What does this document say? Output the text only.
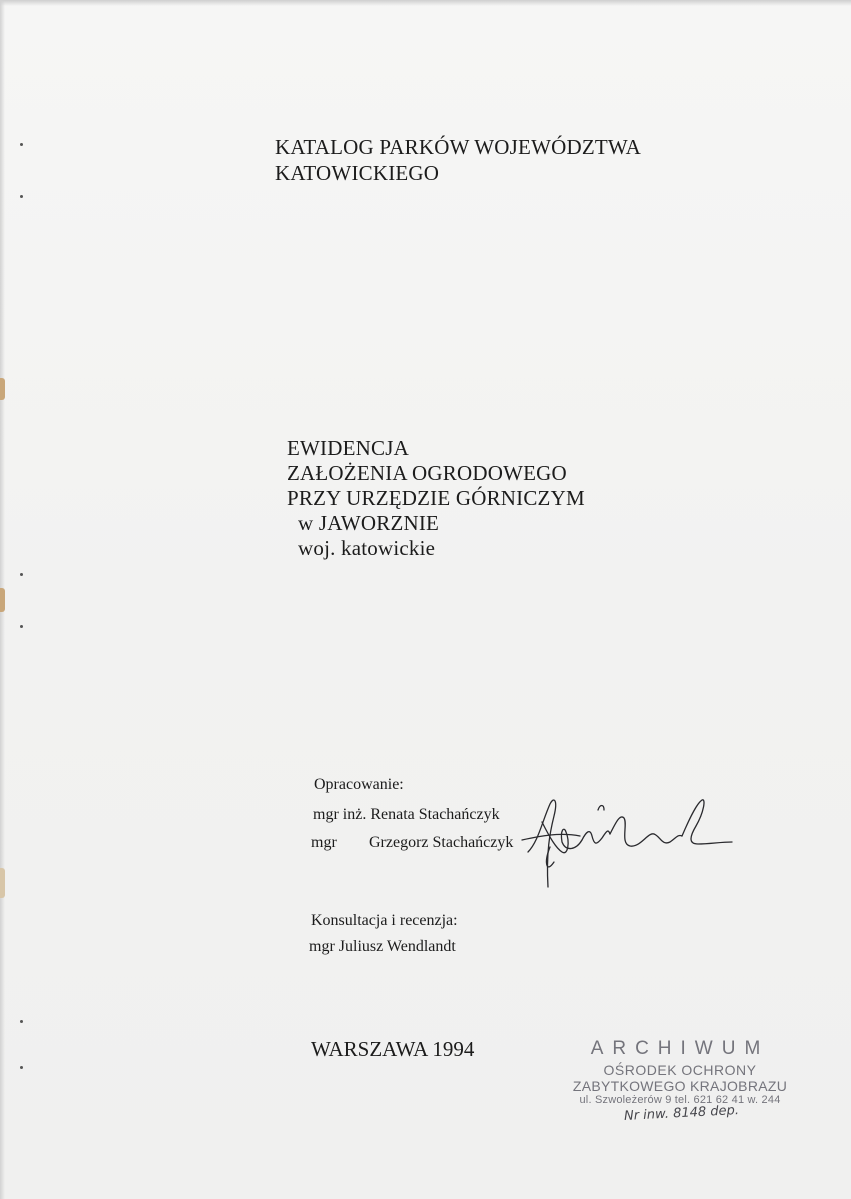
KATALOG PARKÓW WOJEWÓDZTWA
KATOWICKIEGO
EWIDENCJA
ZAŁOŻENIA OGRODOWEGO
PRZY URZĘDZIE GÓRNICZYM
w JAWORZNIE
woj. katowickie
Opracowanie:
mgr inż. Renata Stachańczyk
mgr Grzegorz Stachańczyk
Konsultacja i recenzja:
mgr Juliusz Wendlandt
WARSZAWA 1994	ARCHIWUM
OŚRODEK OCHRONY
ZABYTKOWEGO KRAJOBRAZU
ul. Szwoleżerów 9 tel. 621 62 41 w. 244
Nr inw. 8148 dep.
